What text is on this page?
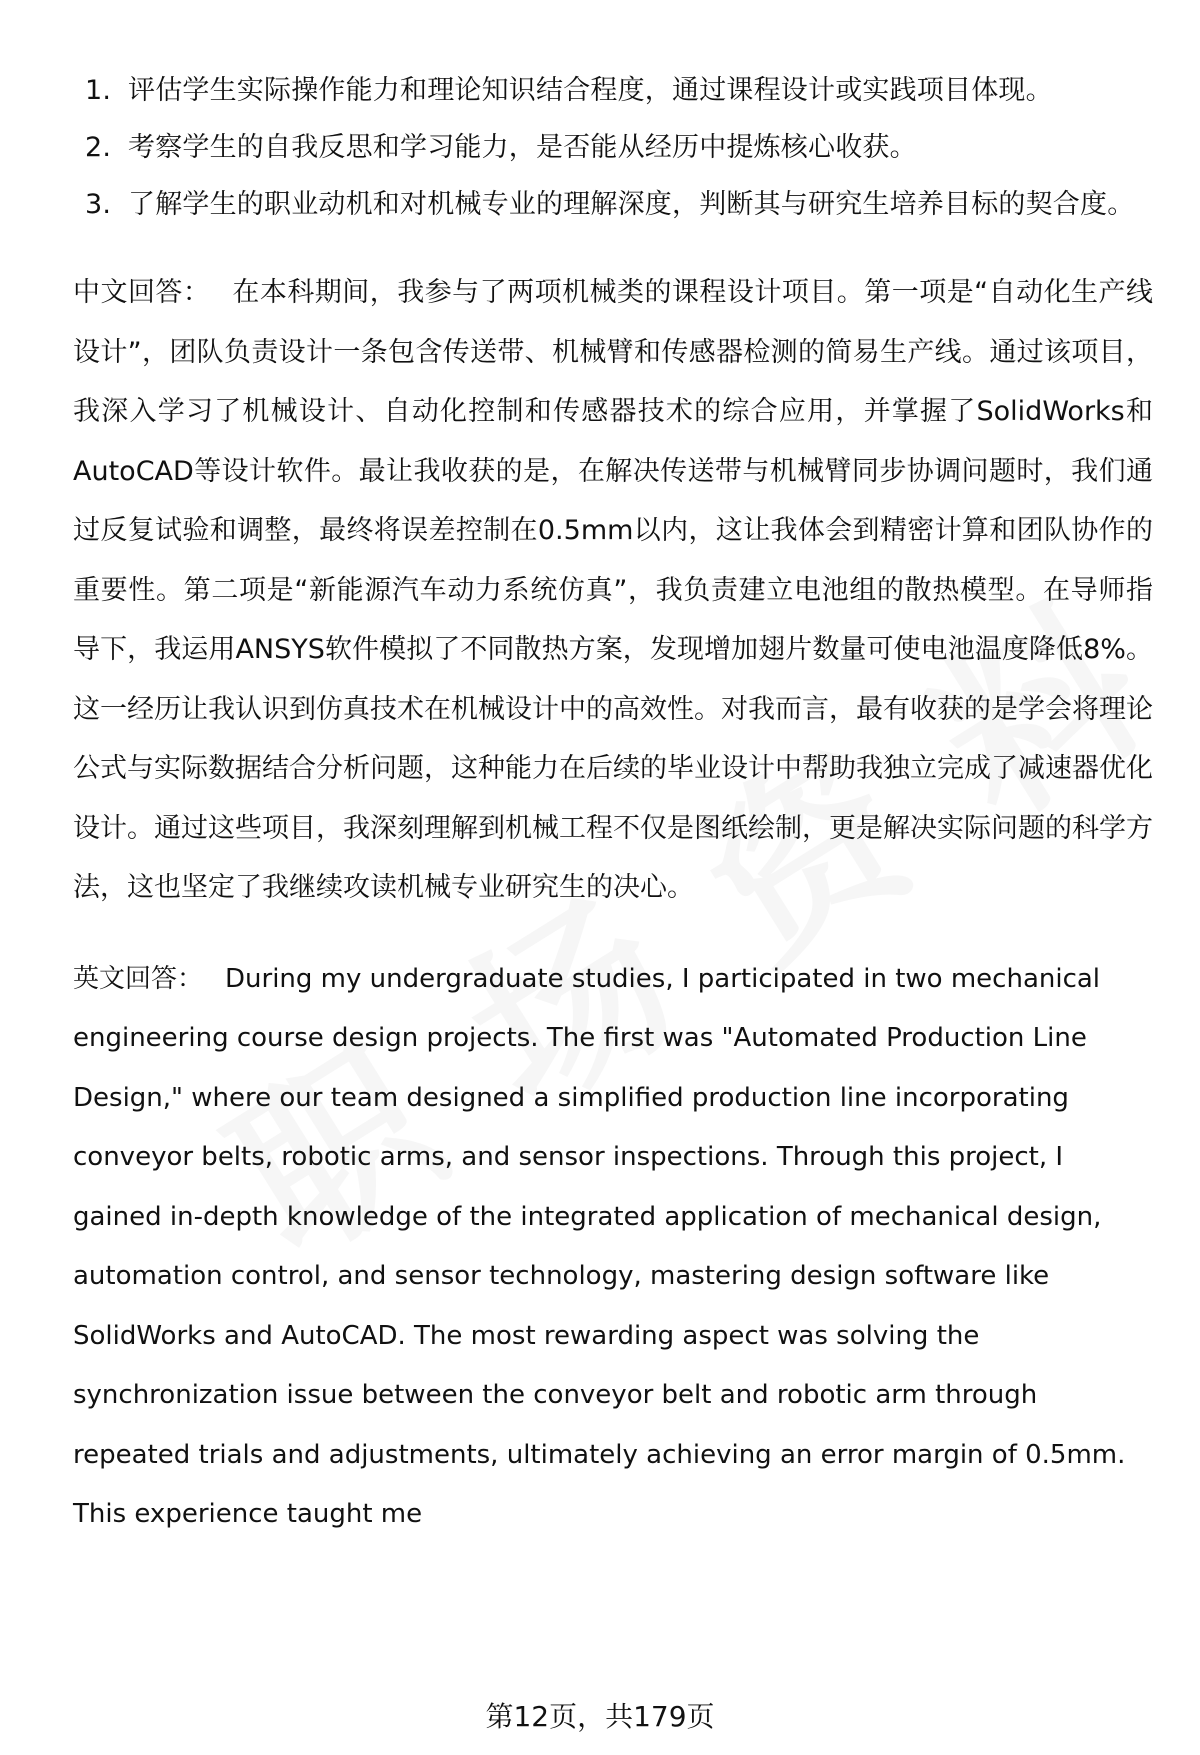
1. 评估学生实际操作能力和理论知识结合程度，通过课程设计或实践项目体现。
2. 考察学生的自我反思和学习能力，是否能从经历中提炼核心收获。
3. 了解学生的职业动机和对机械专业的理解深度，判断其与研究生培养目标的契合度。

中文回答： 在本科期间，我参与了两项机械类的课程设计项目。第一项是“自动化生产线设计”，团队负责设计一条包含传送带、机械臂和传感器检测的简易生产线。通过该项目，我深入学习了机械设计、自动化控制和传感器技术的综合应用，并掌握了SolidWorks和AutoCAD等设计软件。最让我收获的是，在解决传送带与机械臂同步协调问题时，我们通过反复试验和调整，最终将误差控制在0.5mm以内，这让我体会到精密计算和团队协作的重要性。第二项是“新能源汽车动力系统仿真”，我负责建立电池组的散热模型。在导师指导下，我运用ANSYS软件模拟了不同散热方案，发现增加翅片数量可使电池温度降低8%。这一经历让我认识到仿真技术在机械设计中的高效性。对我而言，最有收获的是学会将理论公式与实际数据结合分析问题，这种能力在后续的毕业设计中帮助我独立完成了减速器优化设计。通过这些项目，我深刻理解到机械工程不仅是图纸绘制，更是解决实际问题的科学方法，这也坚定了我继续攻读机械专业研究生的决心。

英文回答： During my undergraduate studies, I participated in two mechanical engineering course design projects. The first was "Automated Production Line Design," where our team designed a simplified production line incorporating conveyor belts, robotic arms, and sensor inspections. Through this project, I gained in-depth knowledge of the integrated application of mechanical design, automation control, and sensor technology, mastering design software like SolidWorks and AutoCAD. The most rewarding aspect was solving the synchronization issue between the conveyor belt and robotic arm through repeated trials and adjustments, ultimately achieving an error margin of 0.5mm. This experience taught me

第12页，共179页
